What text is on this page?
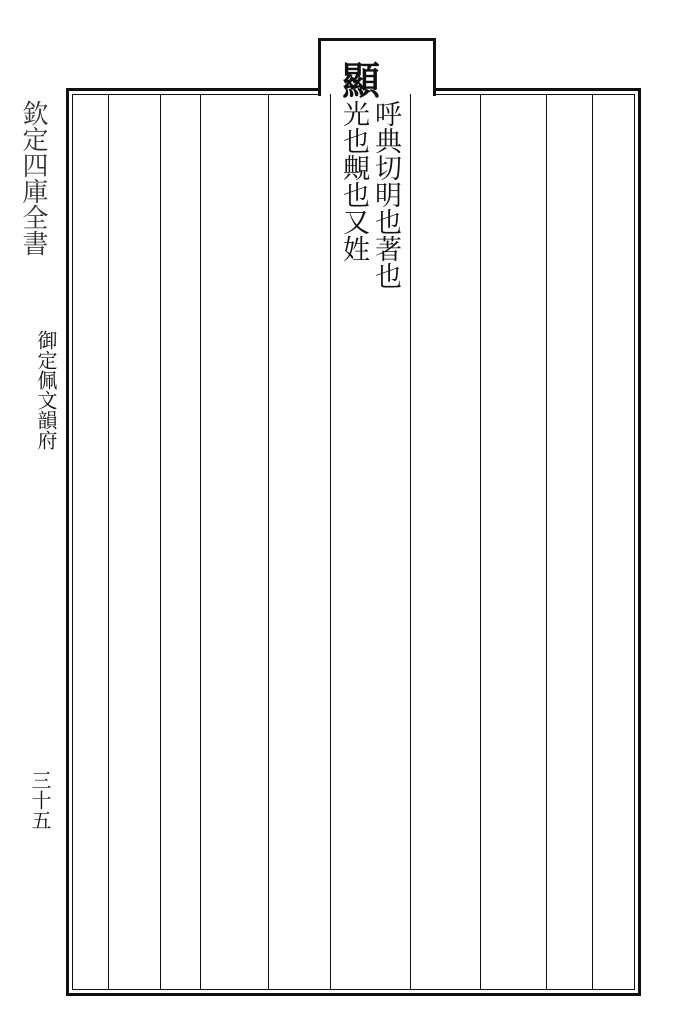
顯
欽定四庫全書
御定佩文韻府
三十五
呼典切明也著也
光也覥也又姓
